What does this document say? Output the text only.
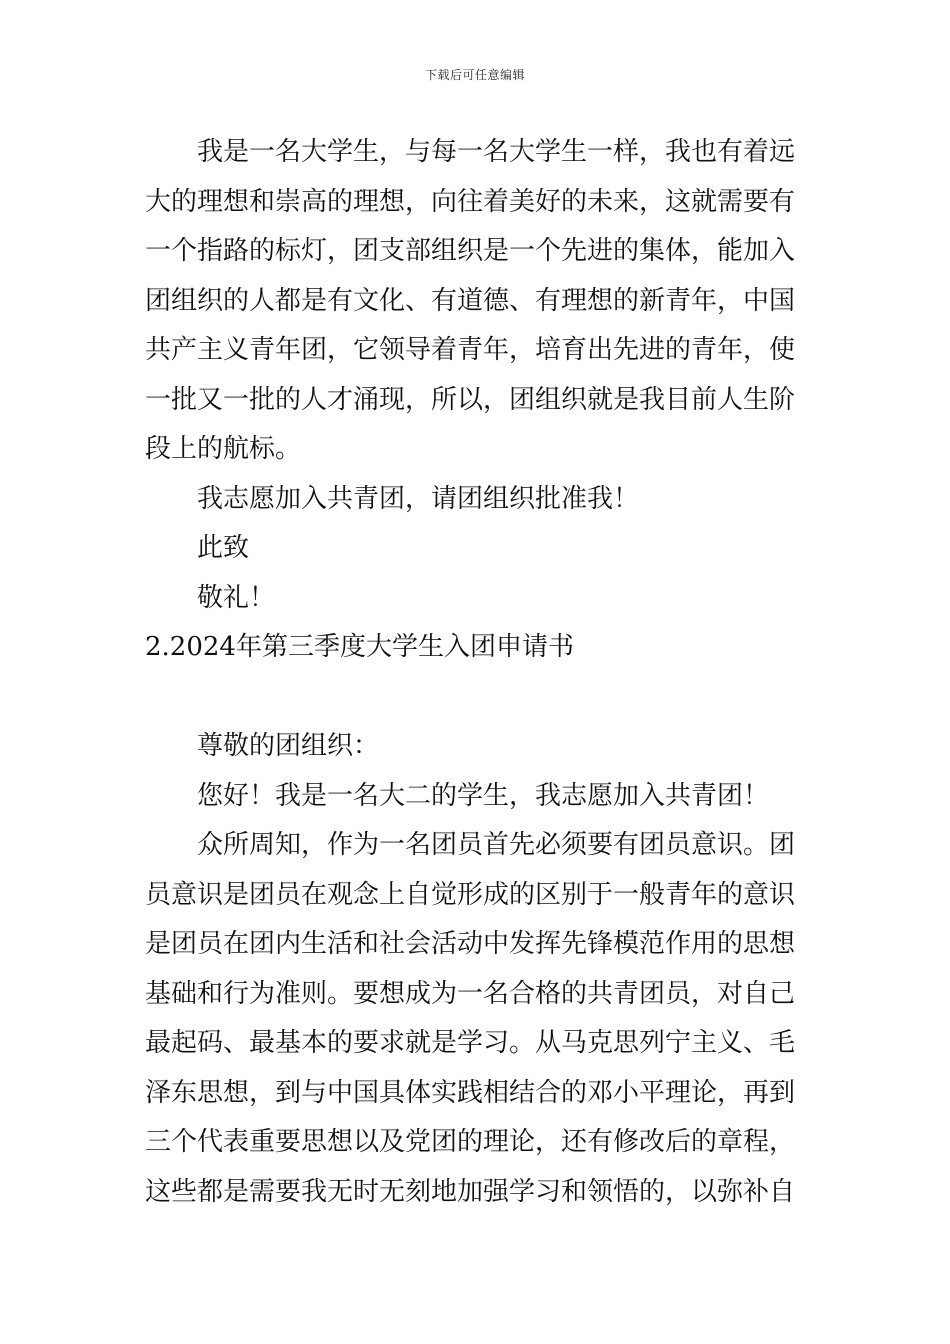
下载后可任意编辑
我是一名大学生，与每一名大学生一样，我也有着远
大的理想和崇高的理想，向往着美好的未来，这就需要有
一个指路的标灯，团支部组织是一个先进的集体，能加入
团组织的人都是有文化、有道德、有理想的新青年，中国
共产主义青年团，它领导着青年，培育出先进的青年，使
一批又一批的人才涌现，所以，团组织就是我目前人生阶
段上的航标。
我志愿加入共青团，请团组织批准我！
此致
敬礼！
2.2024年第三季度大学生入团申请书
尊敬的团组织：
您好！我是一名大二的学生，我志愿加入共青团！
众所周知，作为一名团员首先必须要有团员意识。团
员意识是团员在观念上自觉形成的区别于一般青年的意识
是团员在团内生活和社会活动中发挥先锋模范作用的思想
基础和行为准则。要想成为一名合格的共青团员，对自己
最起码、最基本的要求就是学习。从马克思列宁主义、毛
泽东思想，到与中国具体实践相结合的邓小平理论，再到
三个代表重要思想以及党团的理论，还有修改后的章程，
这些都是需要我无时无刻地加强学习和领悟的，以弥补自
